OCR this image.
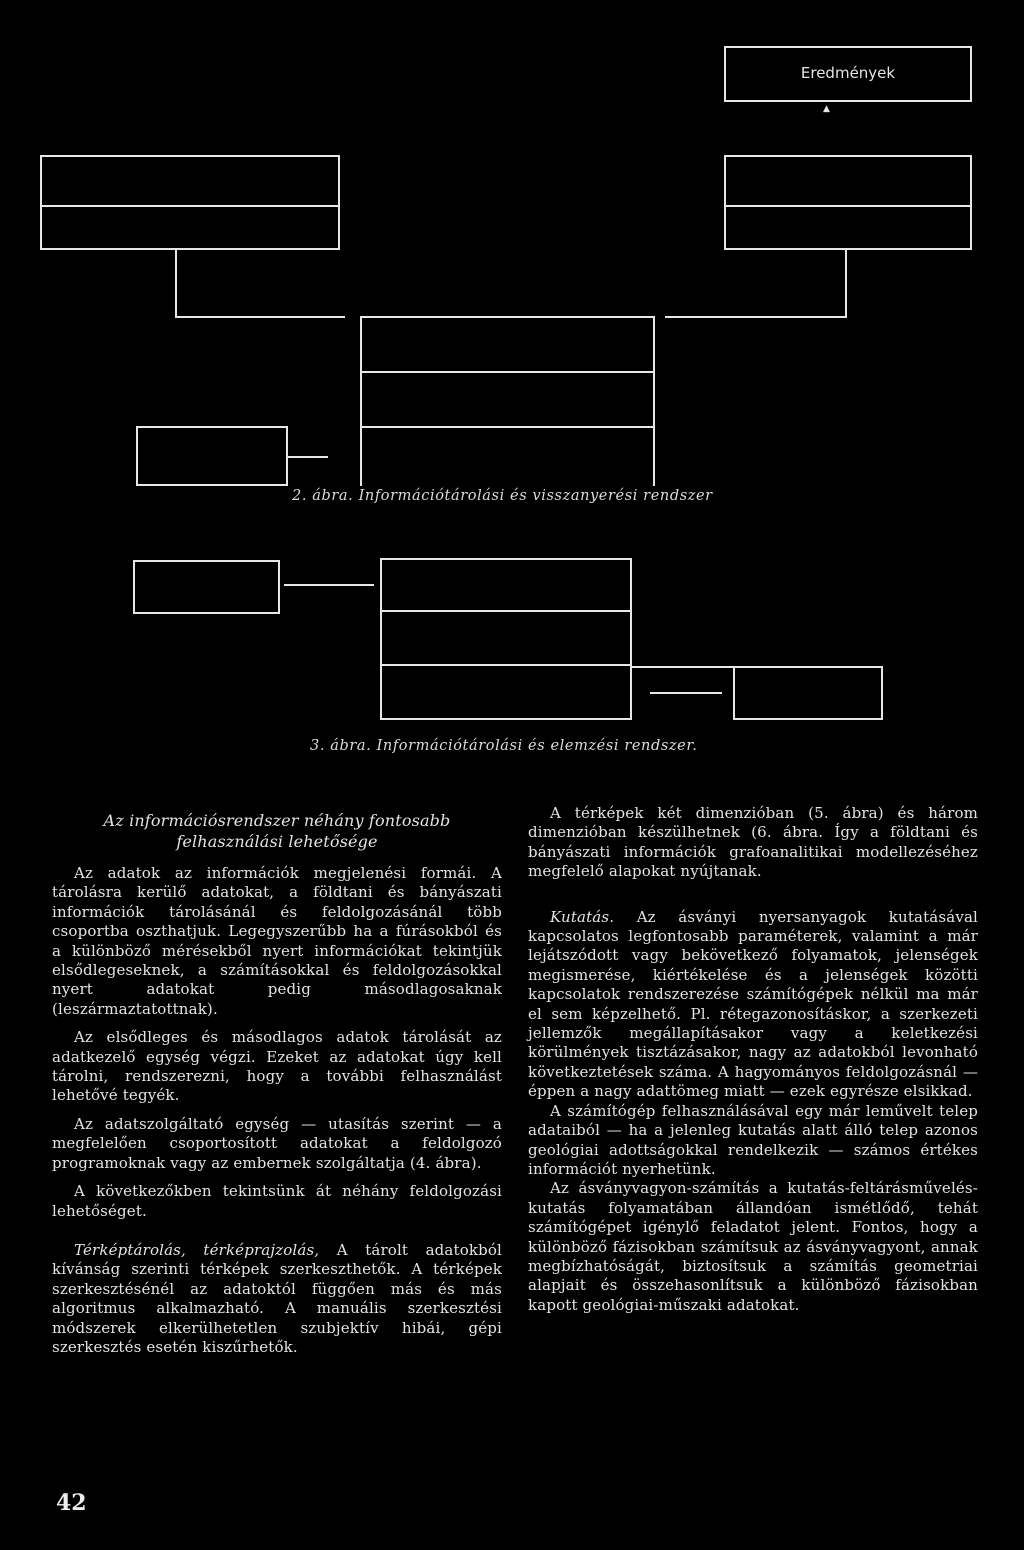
Eredmények
▲
2. ábra. Információtárolási és visszanyerési rendszer
3. ábra. Információtárolási és elemzési rendszer.
Az információsrendszer néhány fontosabb
felhasználási lehetősége

Az adatok az információk megjelenési formái. A tárolásra kerülő adatokat, a földtani és bányászati információk tárolásánál és feldolgozásánál több csoportba oszthatjuk. Legegyszerűbb ha a fúrásokból és a különböző mérésekből nyert információkat tekintjük elsődlegeseknek, a számításokkal és feldolgozásokkal nyert adatokat pedig másodlagosaknak (leszármaztatottnak).

Az elsődleges és másodlagos adatok tárolását az adatkezelő egység végzi. Ezeket az adatokat úgy kell tárolni, rendszerezni, hogy a további felhasználást lehetővé tegyék.

Az adatszolgáltató egység — utasítás szerint — a megfelelően csoportosított adatokat a feldolgozó programoknak vagy az embernek szolgáltatja (4. ábra).

A következőkben tekintsünk át néhány feldolgozási lehetőséget.

Térképtárolás, térképrajzolás, A tárolt adatokból kívánság szerinti térképek szerkeszthetők. A térképek szerkesztésénél az adatoktól függően más és más algoritmus alkalmazható. A manuális szerkesztési módszerek elkerülhetetlen szubjektív hibái, gépi szerkesztés esetén kiszűrhetők.

A térképek két dimenzióban (5. ábra) és három dimenzióban készülhetnek (6. ábra. Így a földtani és bányászati információk grafoanalitikai modellezéséhez megfelelő alapokat nyújtanak.

Kutatás. Az ásványi nyersanyagok kutatásával kapcsolatos legfontosabb paraméterek, valamint a már lejátszódott vagy bekövetkező folyamatok, jelenségek megismerése, kiértékelése és a jelenségek közötti kapcsolatok rendszerezése számítógépek nélkül ma már el sem képzelhető. Pl. rétegazonosításkor, a szerkezeti jellemzők megállapításakor vagy a keletkezési körülmények tisztázásakor, nagy az adatokból levonható következtetések száma. A hagyományos feldolgozásnál — éppen a nagy adattömeg miatt — ezek egyrésze elsikkad.

A számítógép felhasználásával egy már leművelt telep adataiból — ha a jelenleg kutatás alatt álló telep azonos geológiai adottságokkal rendelkezik — számos értékes információt nyerhetünk.

Az ásványvagyon-számítás a kutatás-feltárásművelés-kutatás folyamatában állandóan ismétlődő, tehát számítógépet igénylő feladatot jelent. Fontos, hogy a különböző fázisokban számítsuk az ásványvagyont, annak megbízhatóságát, biztosítsuk a számítás geometriai alapjait és összehasonlítsuk a különböző fázisokban kapott geológiai-műszaki adatokat.

42
